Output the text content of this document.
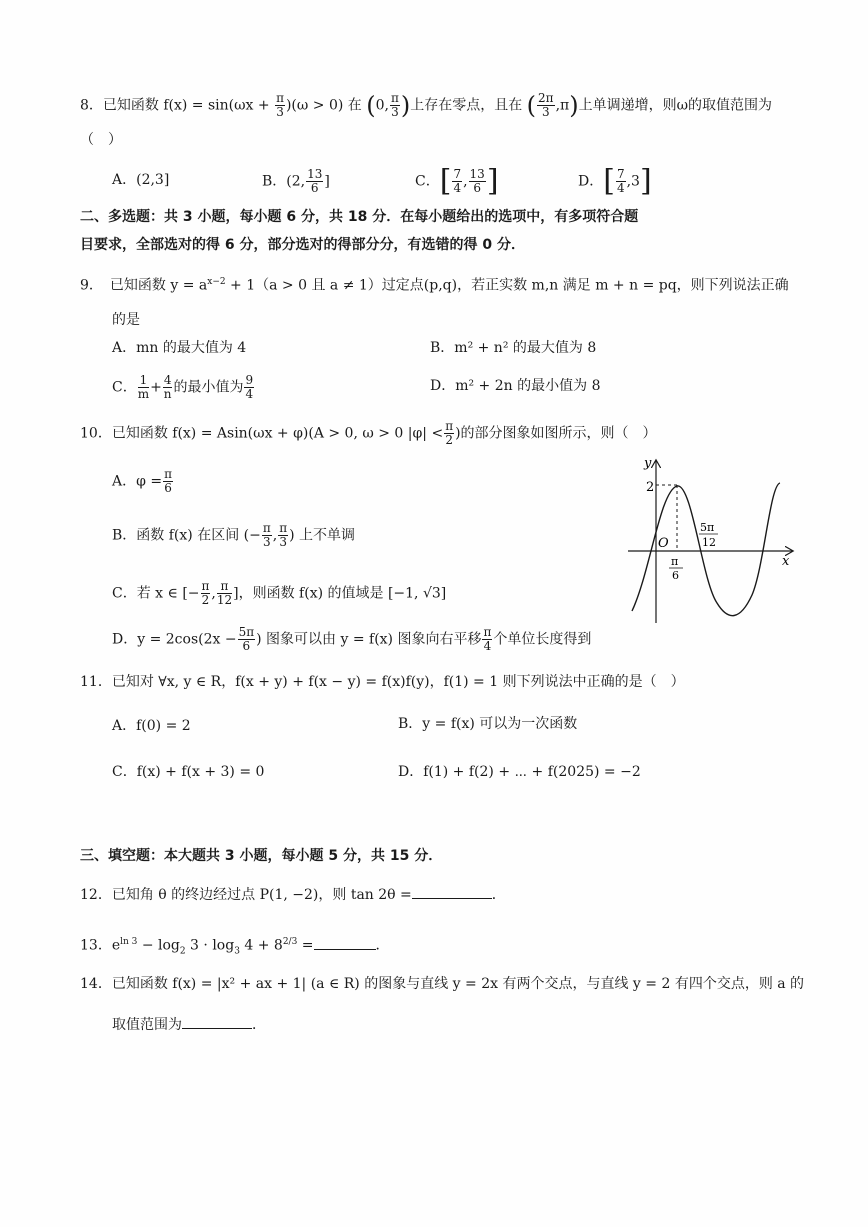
8．已知函数 $f(x) = \sin(\omega x + \frac{\pi}{3} )(\omega > 0)$ 在 (0, $\frac{\pi}{3}$ )上存在零点，且在 ( $\frac{2\pi}{3} ,\pi$)上单调递增，则ω的取值范围为
（　）
A．(2,3]	B．(2, $\frac{13}{6}$ ]	C．[ $\frac{7}{4}$ , $\frac{13}{6}$ ]	D．[ $\frac{7}{4} ,3$]
二、多选题：共 3 小题，每小题 6 分，共 18 分．在每小题给出的选项中，有多项符合题
目要求，全部选对的得 6 分，部分选对的得部分分，有选错的得 0 分．
9．　已知函数 $y = a^{x-2} + 1(a > 0$ 且 a ≠ 1）过定点(p,q)，若正实数 m,n 满足 m + n = pq，则下列说法正确
的是
A．mn 的最大值为 4	B．m² + n² 的最大值为 8
C． $\frac{1}{m} + \frac{4}{n}$ 的最小值为 $\frac{9}{4}$	D．m² + 2n 的最小值为 8
10．已知函数 f(x) = Asin(ωx + φ)(A > 0, ω > 0 $|\varphi| < \frac{\pi}{2}$ )的部分图象如图所示，则（　）
A．$\varphi = \frac{\pi}{6}$
B．函数 f(x) 在区间 (− $\frac{\pi}{3}$ , $\frac{\pi}{3}$ ) 上不单调
C．若 x ∈ [− $\frac{\pi}{2}$ , $\frac{\pi}{12}$ ]，则函数 f(x) 的值域是 [−1, √3]
D．$y = 2\cos(2x - \frac{5\pi}{6}$ ) 图象可以由 y = f(x) 图象向右平移 $\frac{\pi}{4}$ 个单位长度得到
y
x
2
O
π
6
5π
12
11．已知对 ∀x, y ∈ R，f(x + y) + f(x − y) = f(x)f(y)，f(1) = 1 则下列说法中正确的是（　）
A．f(0) = 2	B．y = f(x) 可以为一次函数
C．f(x) + f(x + 3) = 0	D．f(1) + f(2) + ⋯ + f(2025) = −2
三、填空题：本大题共 3 小题，每小题 5 分，共 15 分．
12．已知角 θ 的终边经过点 P(1, −2)，则 tan 2θ =	．
13．$e^{ln 3} - \log_2 3 \cdot \log_3 4 + 8^{2/3}$ =	．
14．已知函数 f(x) = |x² + ax + 1| (a ∈ R) 的图象与直线 y = 2x 有两个交点，与直线 y = 2 有四个交点，则 a 的
取值范围为	．
